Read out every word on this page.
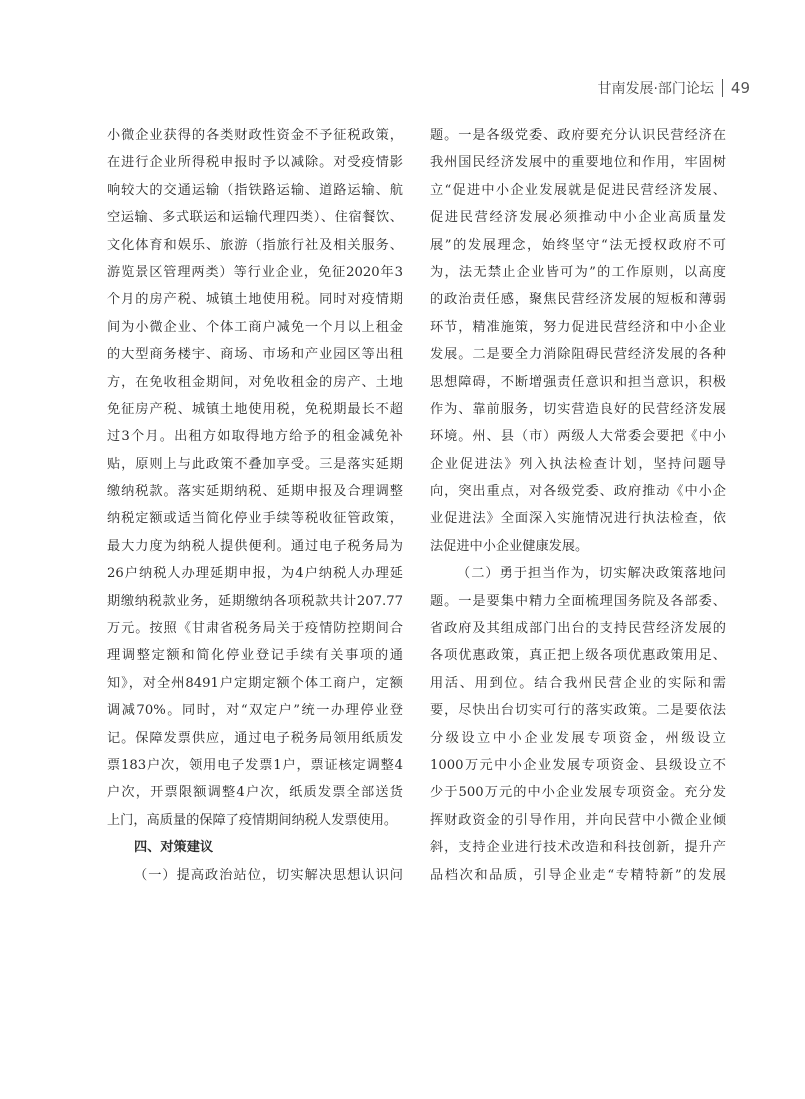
甘南发展·部门论坛 49
小微企业获得的各类财政性资金不予征税政策，
在进行企业所得税申报时予以减除。对受疫情影
响较大的交通运输（指铁路运输、道路运输、航
空运输、多式联运和运输代理四类）、住宿餐饮、
文化体育和娱乐、旅游（指旅行社及相关服务、
游览景区管理两类）等行业企业，免征2020年3
个月的房产税、城镇土地使用税。同时对疫情期
间为小微企业、个体工商户减免一个月以上租金
的大型商务楼宇、商场、市场和产业园区等出租
方，在免收租金期间，对免收租金的房产、土地
免征房产税、城镇土地使用税，免税期最长不超
过3个月。出租方如取得地方给予的租金减免补
贴，原则上与此政策不叠加享受。三是落实延期
缴纳税款。落实延期纳税、延期申报及合理调整
纳税定额或适当简化停业手续等税收征管政策，
最大力度为纳税人提供便利。通过电子税务局为
26户纳税人办理延期申报，为4户纳税人办理延
期缴纳税款业务，延期缴纳各项税款共计207.77
万元。按照《甘肃省税务局关于疫情防控期间合
理调整定额和简化停业登记手续有关事项的通
知》，对全州8491户定期定额个体工商户，定额
调减70%。同时，对“双定户”统一办理停业登
记。保障发票供应，通过电子税务局领用纸质发
票183户次，领用电子发票1户，票证核定调整4
户次，开票限额调整4户次，纸质发票全部送货
上门，高质量的保障了疫情期间纳税人发票使用。
四、对策建议
（一）提高政治站位，切实解决思想认识问
题。一是各级党委、政府要充分认识民营经济在
我州国民经济发展中的重要地位和作用，牢固树
立“促进中小企业发展就是促进民营经济发展、
促进民营经济发展必须推动中小企业高质量发
展”的发展理念，始终坚守“法无授权政府不可
为，法无禁止企业皆可为”的工作原则，以高度
的政治责任感，聚焦民营经济发展的短板和薄弱
环节，精准施策，努力促进民营经济和中小企业
发展。二是要全力消除阻碍民营经济发展的各种
思想障碍，不断增强责任意识和担当意识，积极
作为、靠前服务，切实营造良好的民营经济发展
环境。州、县（市）两级人大常委会要把《中小
企业促进法》列入执法检查计划，坚持问题导
向，突出重点，对各级党委、政府推动《中小企
业促进法》全面深入实施情况进行执法检查，依
法促进中小企业健康发展。
（二）勇于担当作为，切实解决政策落地问
题。一是要集中精力全面梳理国务院及各部委、
省政府及其组成部门出台的支持民营经济发展的
各项优惠政策，真正把上级各项优惠政策用足、
用活、用到位。结合我州民营企业的实际和需
要，尽快出台切实可行的落实政策。二是要依法
分级设立中小企业发展专项资金，州级设立
1000万元中小企业发展专项资金、县级设立不
少于500万元的中小企业发展专项资金。充分发
挥财政资金的引导作用，并向民营中小微企业倾
斜，支持企业进行技术改造和科技创新，提升产
品档次和品质，引导企业走“专精特新”的发展
